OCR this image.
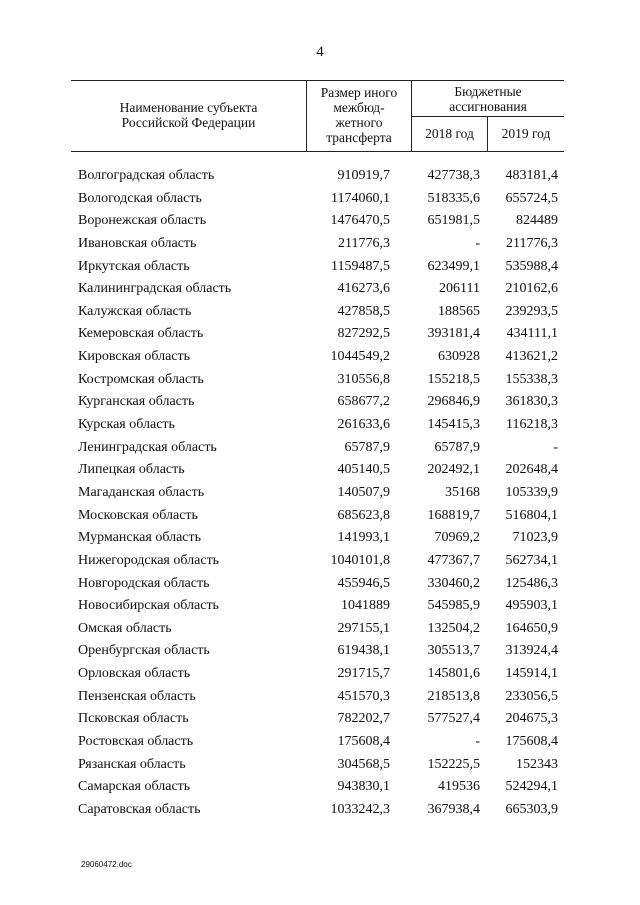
4
Наименование субъекта
Российской Федерации
Размер иного
межбюд-
жетного
трансферта
Бюджетные
ассигнования
2018 год	2019 год
Волгоградская область	910919,7	427738,3	483181,4
Вологодская область	1174060,1	518335,6	655724,5
Воронежская область	1476470,5	651981,5	824489
Ивановская область	211776,3	-	211776,3
Иркутская область	1159487,5	623499,1	535988,4
Калининградская область	416273,6	206111	210162,6
Калужская область	427858,5	188565	239293,5
Кемеровская область	827292,5	393181,4	434111,1
Кировская область	1044549,2	630928	413621,2
Костромская область	310556,8	155218,5	155338,3
Курганская область	658677,2	296846,9	361830,3
Курская область	261633,6	145415,3	116218,3
Ленинградская область	65787,9	65787,9	-
Липецкая область	405140,5	202492,1	202648,4
Магаданская область	140507,9	35168	105339,9
Московская область	685623,8	168819,7	516804,1
Мурманская область	141993,1	70969,2	71023,9
Нижегородская область	1040101,8	477367,7	562734,1
Новгородская область	455946,5	330460,2	125486,3
Новосибирская область	1041889	545985,9	495903,1
Омская область	297155,1	132504,2	164650,9
Оренбургская область	619438,1	305513,7	313924,4
Орловская область	291715,7	145801,6	145914,1
Пензенская область	451570,3	218513,8	233056,5
Псковская область	782202,7	577527,4	204675,3
Ростовская область	175608,4	-	175608,4
Рязанская область	304568,5	152225,5	152343
Самарская область	943830,1	419536	524294,1
Саратовская область	1033242,3	367938,4	665303,9
29060472.doc
